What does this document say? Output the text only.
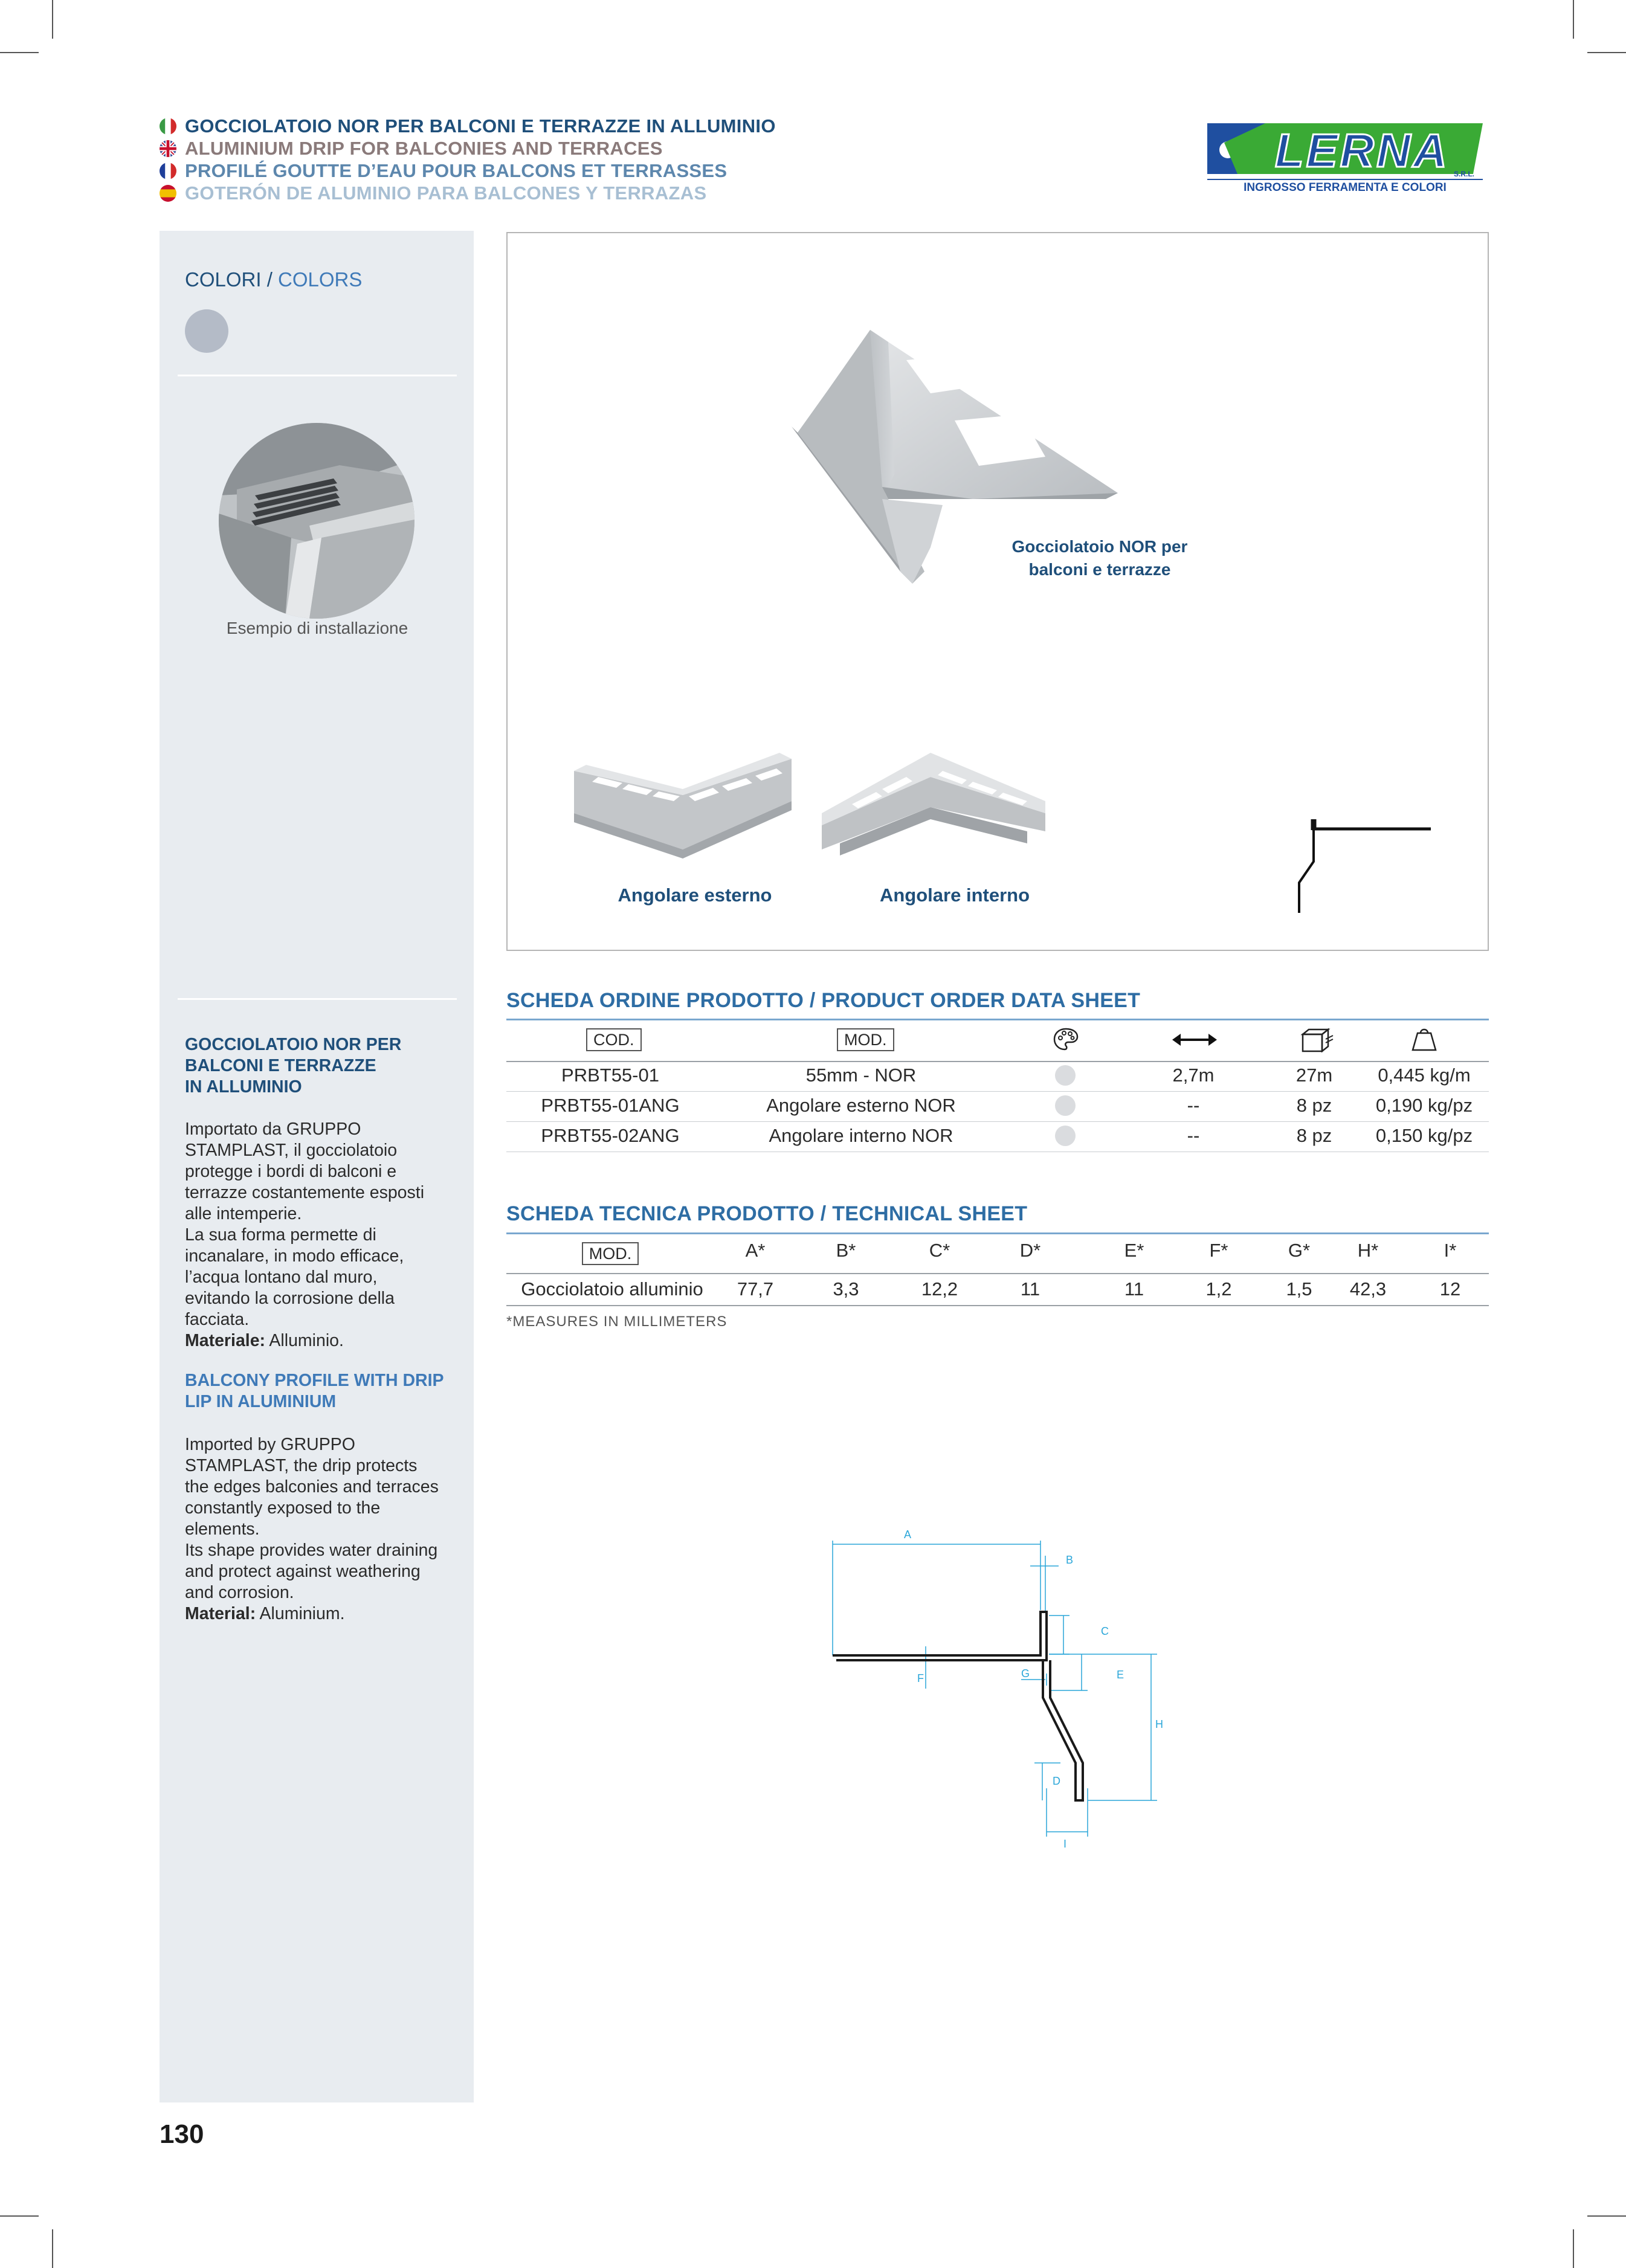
GOCCIOLATOIO NOR PER BALCONI E TERRAZZE IN ALLUMINIO
ALUMINIUM DRIP FOR BALCONIES AND TERRACES
PROFILÉ GOUTTE D’EAU POUR BALCONS ET TERRASSES
GOTERÓN DE ALUMINIO PARA BALCONES Y TERRAZAS
LERNA S.R.L.
INGROSSO FERRAMENTA E COLORI
COLORI / COLORS
Esempio di installazione
GOCCIOLATOIO NOR PER
BALCONI E TERRAZZE
IN ALLUMINIO
Importato da GRUPPO
STAMPLAST, il gocciolatoio
protegge i bordi di balconi e
terrazze costantemente esposti
alle intemperie.
La sua forma permette di
incanalare, in modo efficace,
l’acqua lontano dal muro,
evitando la corrosione della
facciata.
Materiale: Alluminio.
BALCONY PROFILE WITH DRIP
LIP IN ALUMINIUM
Imported by GRUPPO
STAMPLAST, the drip protects
the edges balconies and terraces
constantly exposed to the
elements.
Its shape provides water draining
and protect against weathering
and corrosion.
Material: Aluminium.
Gocciolatoio NOR per
balconi e terrazze
Angolare esterno	Angolare interno
SCHEDA ORDINE PRODOTTO / PRODUCT ORDER DATA SHEET
COD.	MOD.
PRBT55-01	55mm - NOR	2,7m	27m	0,445 kg/m
PRBT55-01ANG	Angolare esterno NOR	--	8 pz	0,190 kg/pz
PRBT55-02ANG	Angolare interno NOR	--	8 pz	0,150 kg/pz
SCHEDA TECNICA PRODOTTO / TECHNICAL SHEET
MOD.	A*	B*	C*	D*	E*	F*	G*	H*	I*
Gocciolatoio alluminio	77,7	3,3	12,2	11	11	1,2	1,5	42,3	12
*MEASURES IN MILLIMETERS
A
B
C
E
H
F	G
D
I
130
